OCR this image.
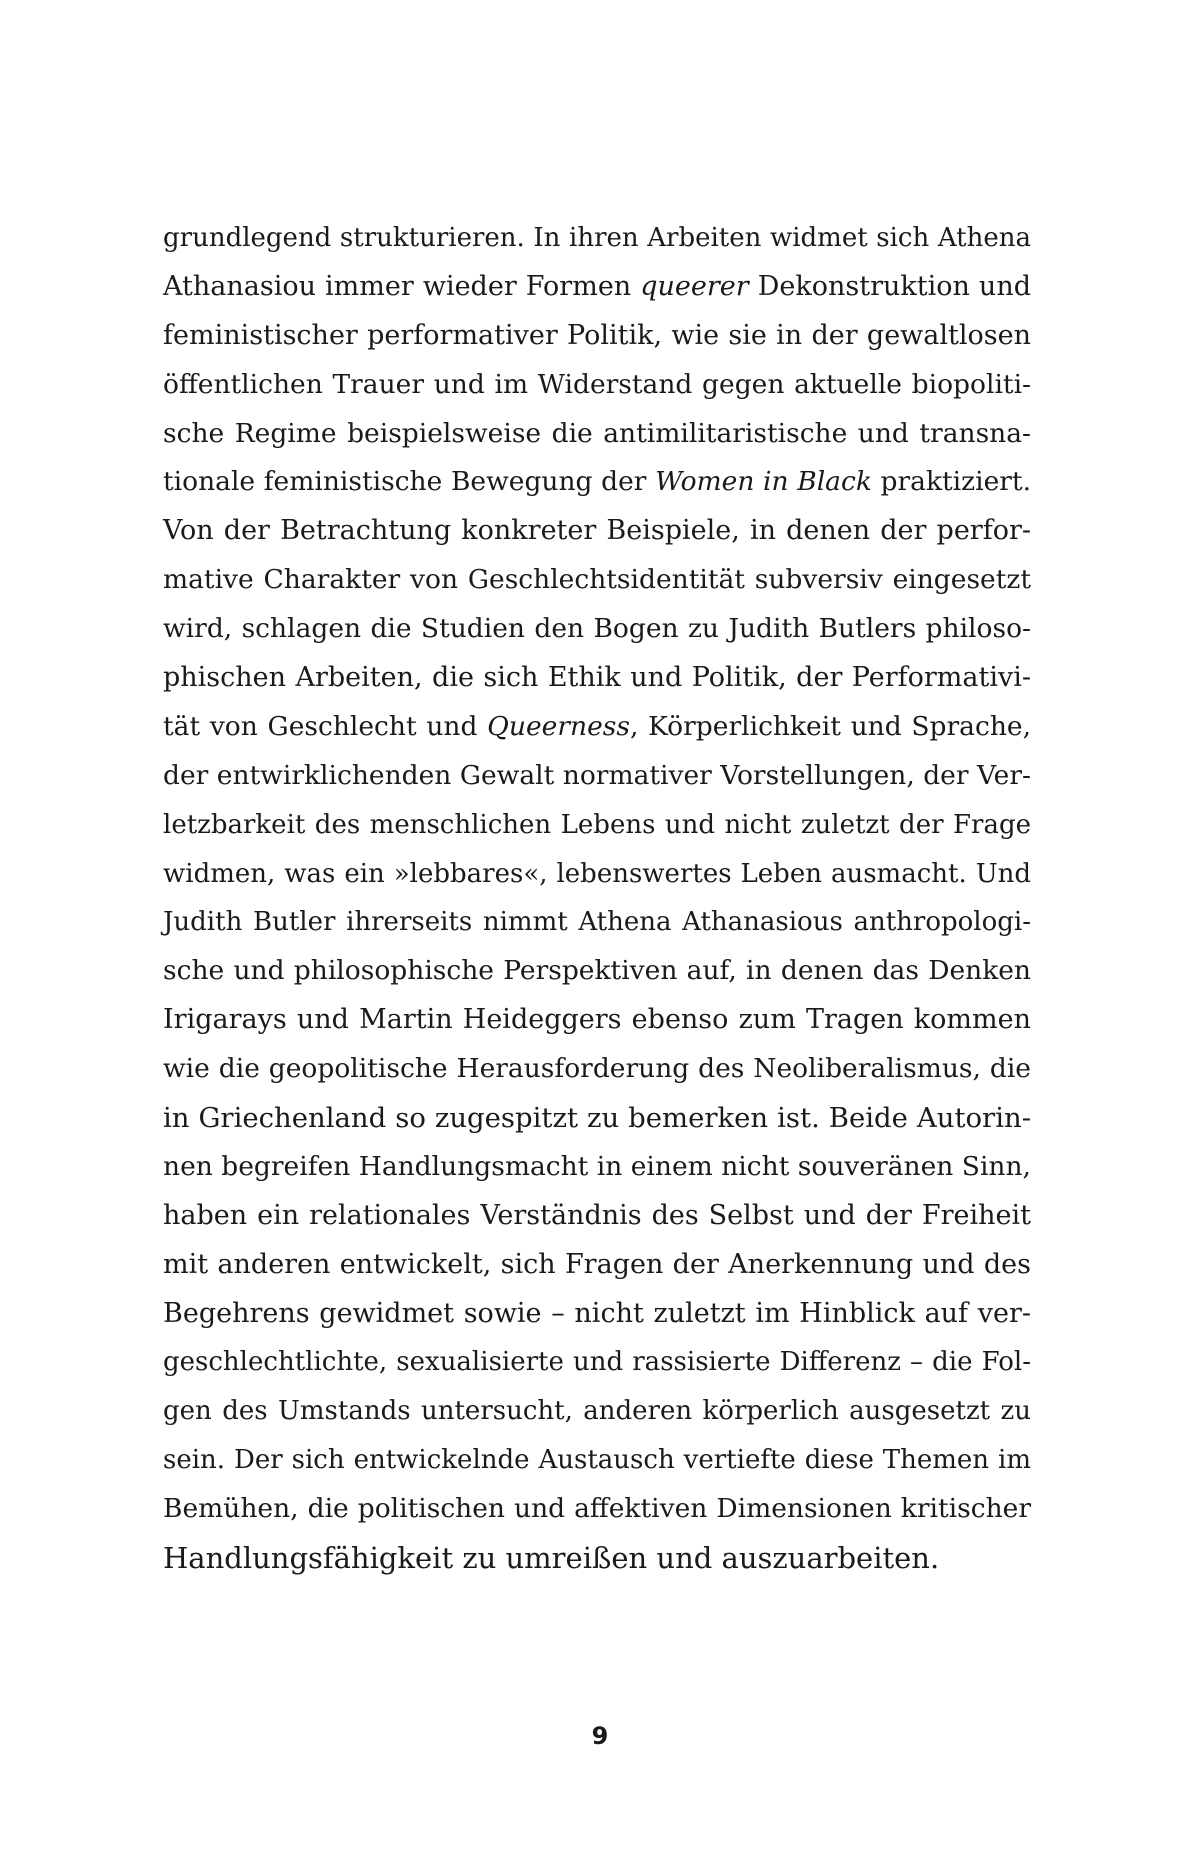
grundlegend strukturieren. In ihren Arbeiten widmet sich Athena
Athanasiou immer wieder Formen queerer Dekonstruktion und
feministischer performativer Politik, wie sie in der gewaltlosen
öffentlichen Trauer und im Widerstand gegen aktuelle biopoliti-
sche Regime beispielsweise die antimilitaristische und transna-
tionale feministische Bewegung der Women in Black praktiziert.
Von der Betrachtung konkreter Beispiele, in denen der perfor-
mative Charakter von Geschlechtsidentität subversiv eingesetzt
wird, schlagen die Studien den Bogen zu Judith Butlers philoso-
phischen Arbeiten, die sich Ethik und Politik, der Performativi-
tät von Geschlecht und Queerness, Körperlichkeit und Sprache,
der entwirklichenden Gewalt normativer Vorstellungen, der Ver-
letzbarkeit des menschlichen Lebens und nicht zuletzt der Frage
widmen, was ein »lebbares«, lebenswertes Leben ausmacht. Und
Judith Butler ihrerseits nimmt Athena Athanasious anthropologi-
sche und philosophische Perspektiven auf, in denen das Denken
Irigarays und Martin Heideggers ebenso zum Tragen kommen
wie die geopolitische Herausforderung des Neoliberalismus, die
in Griechenland so zugespitzt zu bemerken ist. Beide Autorin-
nen begreifen Handlungsmacht in einem nicht souveränen Sinn,
haben ein relationales Verständnis des Selbst und der Freiheit
mit anderen entwickelt, sich Fragen der Anerkennung und des
Begehrens gewidmet sowie – nicht zuletzt im Hinblick auf ver-
geschlechtlichte, sexualisierte und rassisierte Differenz – die Fol-
gen des Umstands untersucht, anderen körperlich ausgesetzt zu
sein. Der sich entwickelnde Austausch vertiefte diese Themen im
Bemühen, die politischen und affektiven Dimensionen kritischer
Handlungsfähigkeit zu umreißen und auszuarbeiten.
9
